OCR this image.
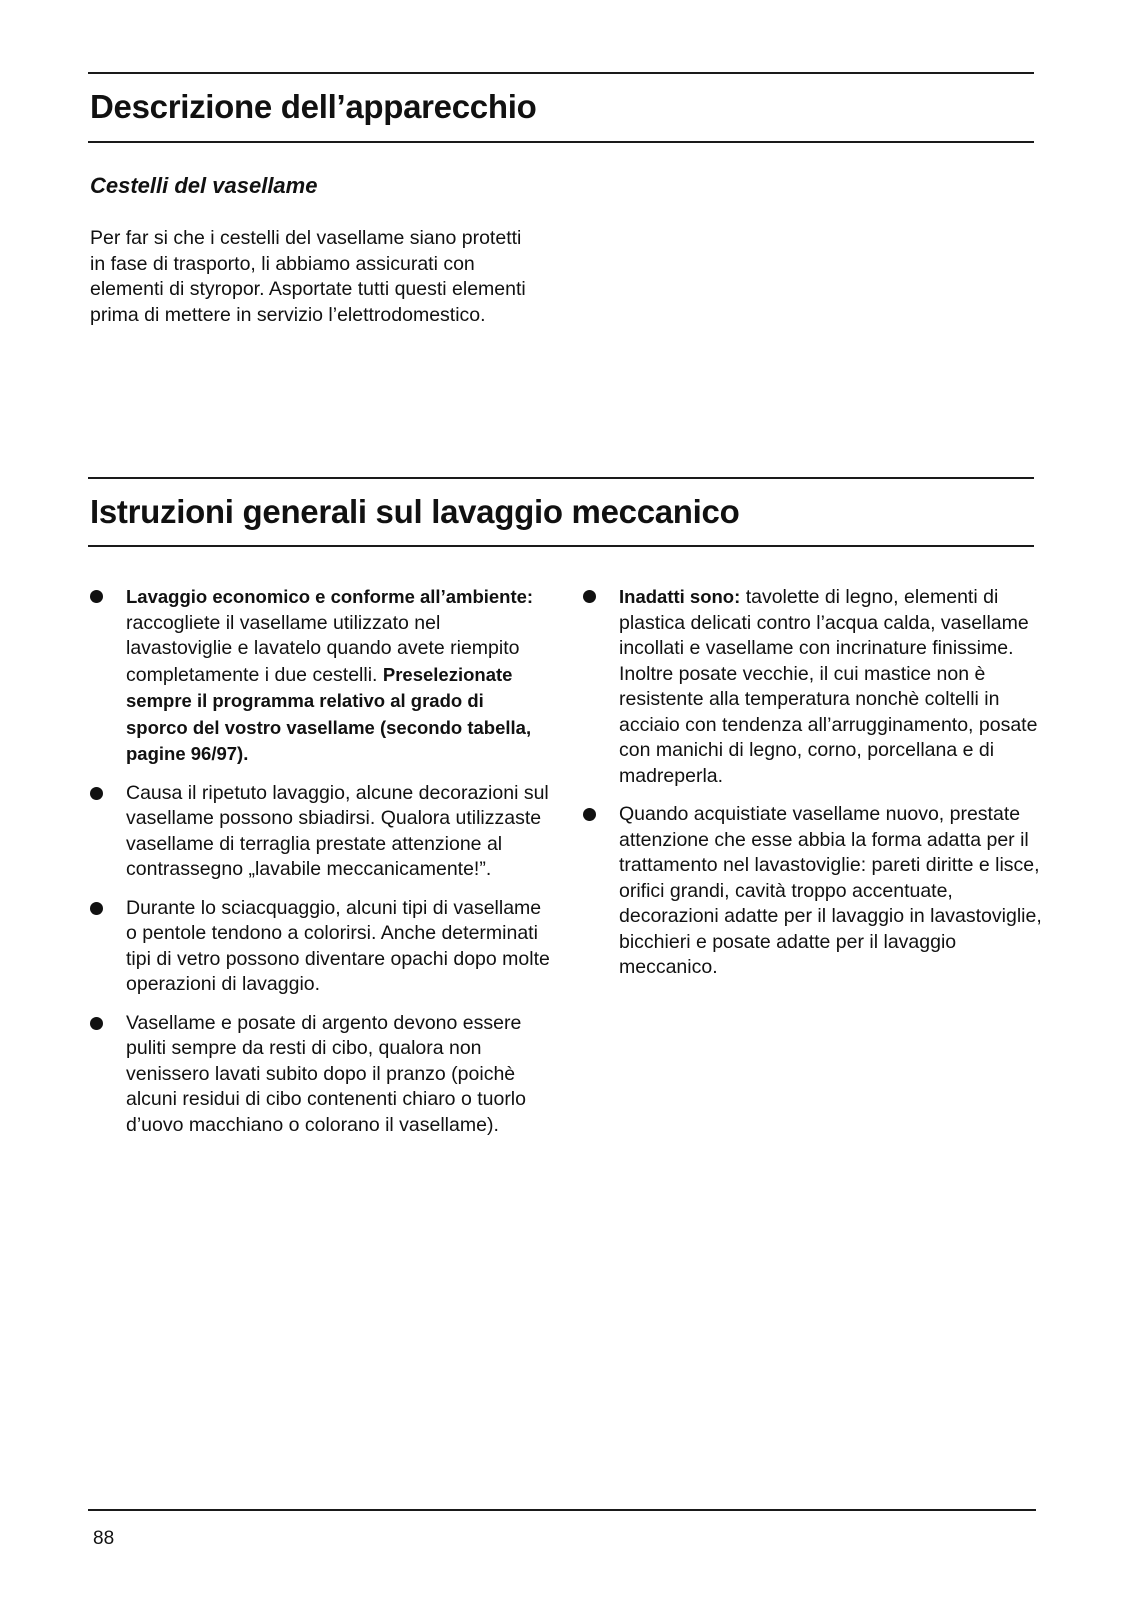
Descrizione dell’apparecchio
Cestelli del vasellame

Per far si che i cestelli del vasellame siano protetti in fase di trasporto, li abbiamo assicurati con elementi di styropor. Asportate tutti questi elementi prima di mettere in servizio l’elettrodomestico.

Istruzioni generali sul lavaggio meccanico
Lavaggio economico e conforme all’ambiente: raccogliete il vasellame utilizzato nel lavastoviglie e lavatelo quando avete riempito completamente i due cestelli. Preselezionate sempre il programma relativo al grado di sporco del vostro vasellame (secondo tabella, pagine 96/97).
Causa il ripetuto lavaggio, alcune decorazioni sul vasellame possono sbiadirsi. Qualora utilizzaste vasellame di terraglia prestate attenzione al contrassegno „lavabile meccanicamente!”.
Durante lo sciacquaggio, alcuni tipi di vasellame o pentole tendono a colorirsi. Anche determinati tipi di vetro possono diventare opachi dopo molte operazioni di lavaggio.
Vasellame e posate di argento devono essere puliti sempre da resti di cibo, qualora non venissero lavati subito dopo il pranzo (poichè alcuni residui di cibo contenenti chiaro o tuorlo d’uovo macchiano o colorano il vasellame).
Inadatti sono: tavolette di legno, elementi di plastica delicati contro l’acqua calda, vasellame incollati e vasellame con incrinature finissime. Inoltre posate vecchie, il cui mastice non è resistente alla temperatura nonchè coltelli in acciaio con tendenza all’arrugginamento, posate con manichi di legno, corno, porcellana e di madreperla.
Quando acquistiate vasellame nuovo, prestate attenzione che esse abbia la forma adatta per il trattamento nel lavastoviglie: pareti diritte e lisce, orifici grandi, cavità troppo accentuate, decorazioni adatte per il lavaggio in lavastoviglie, bicchieri e posate adatte per il lavaggio meccanico.
88
